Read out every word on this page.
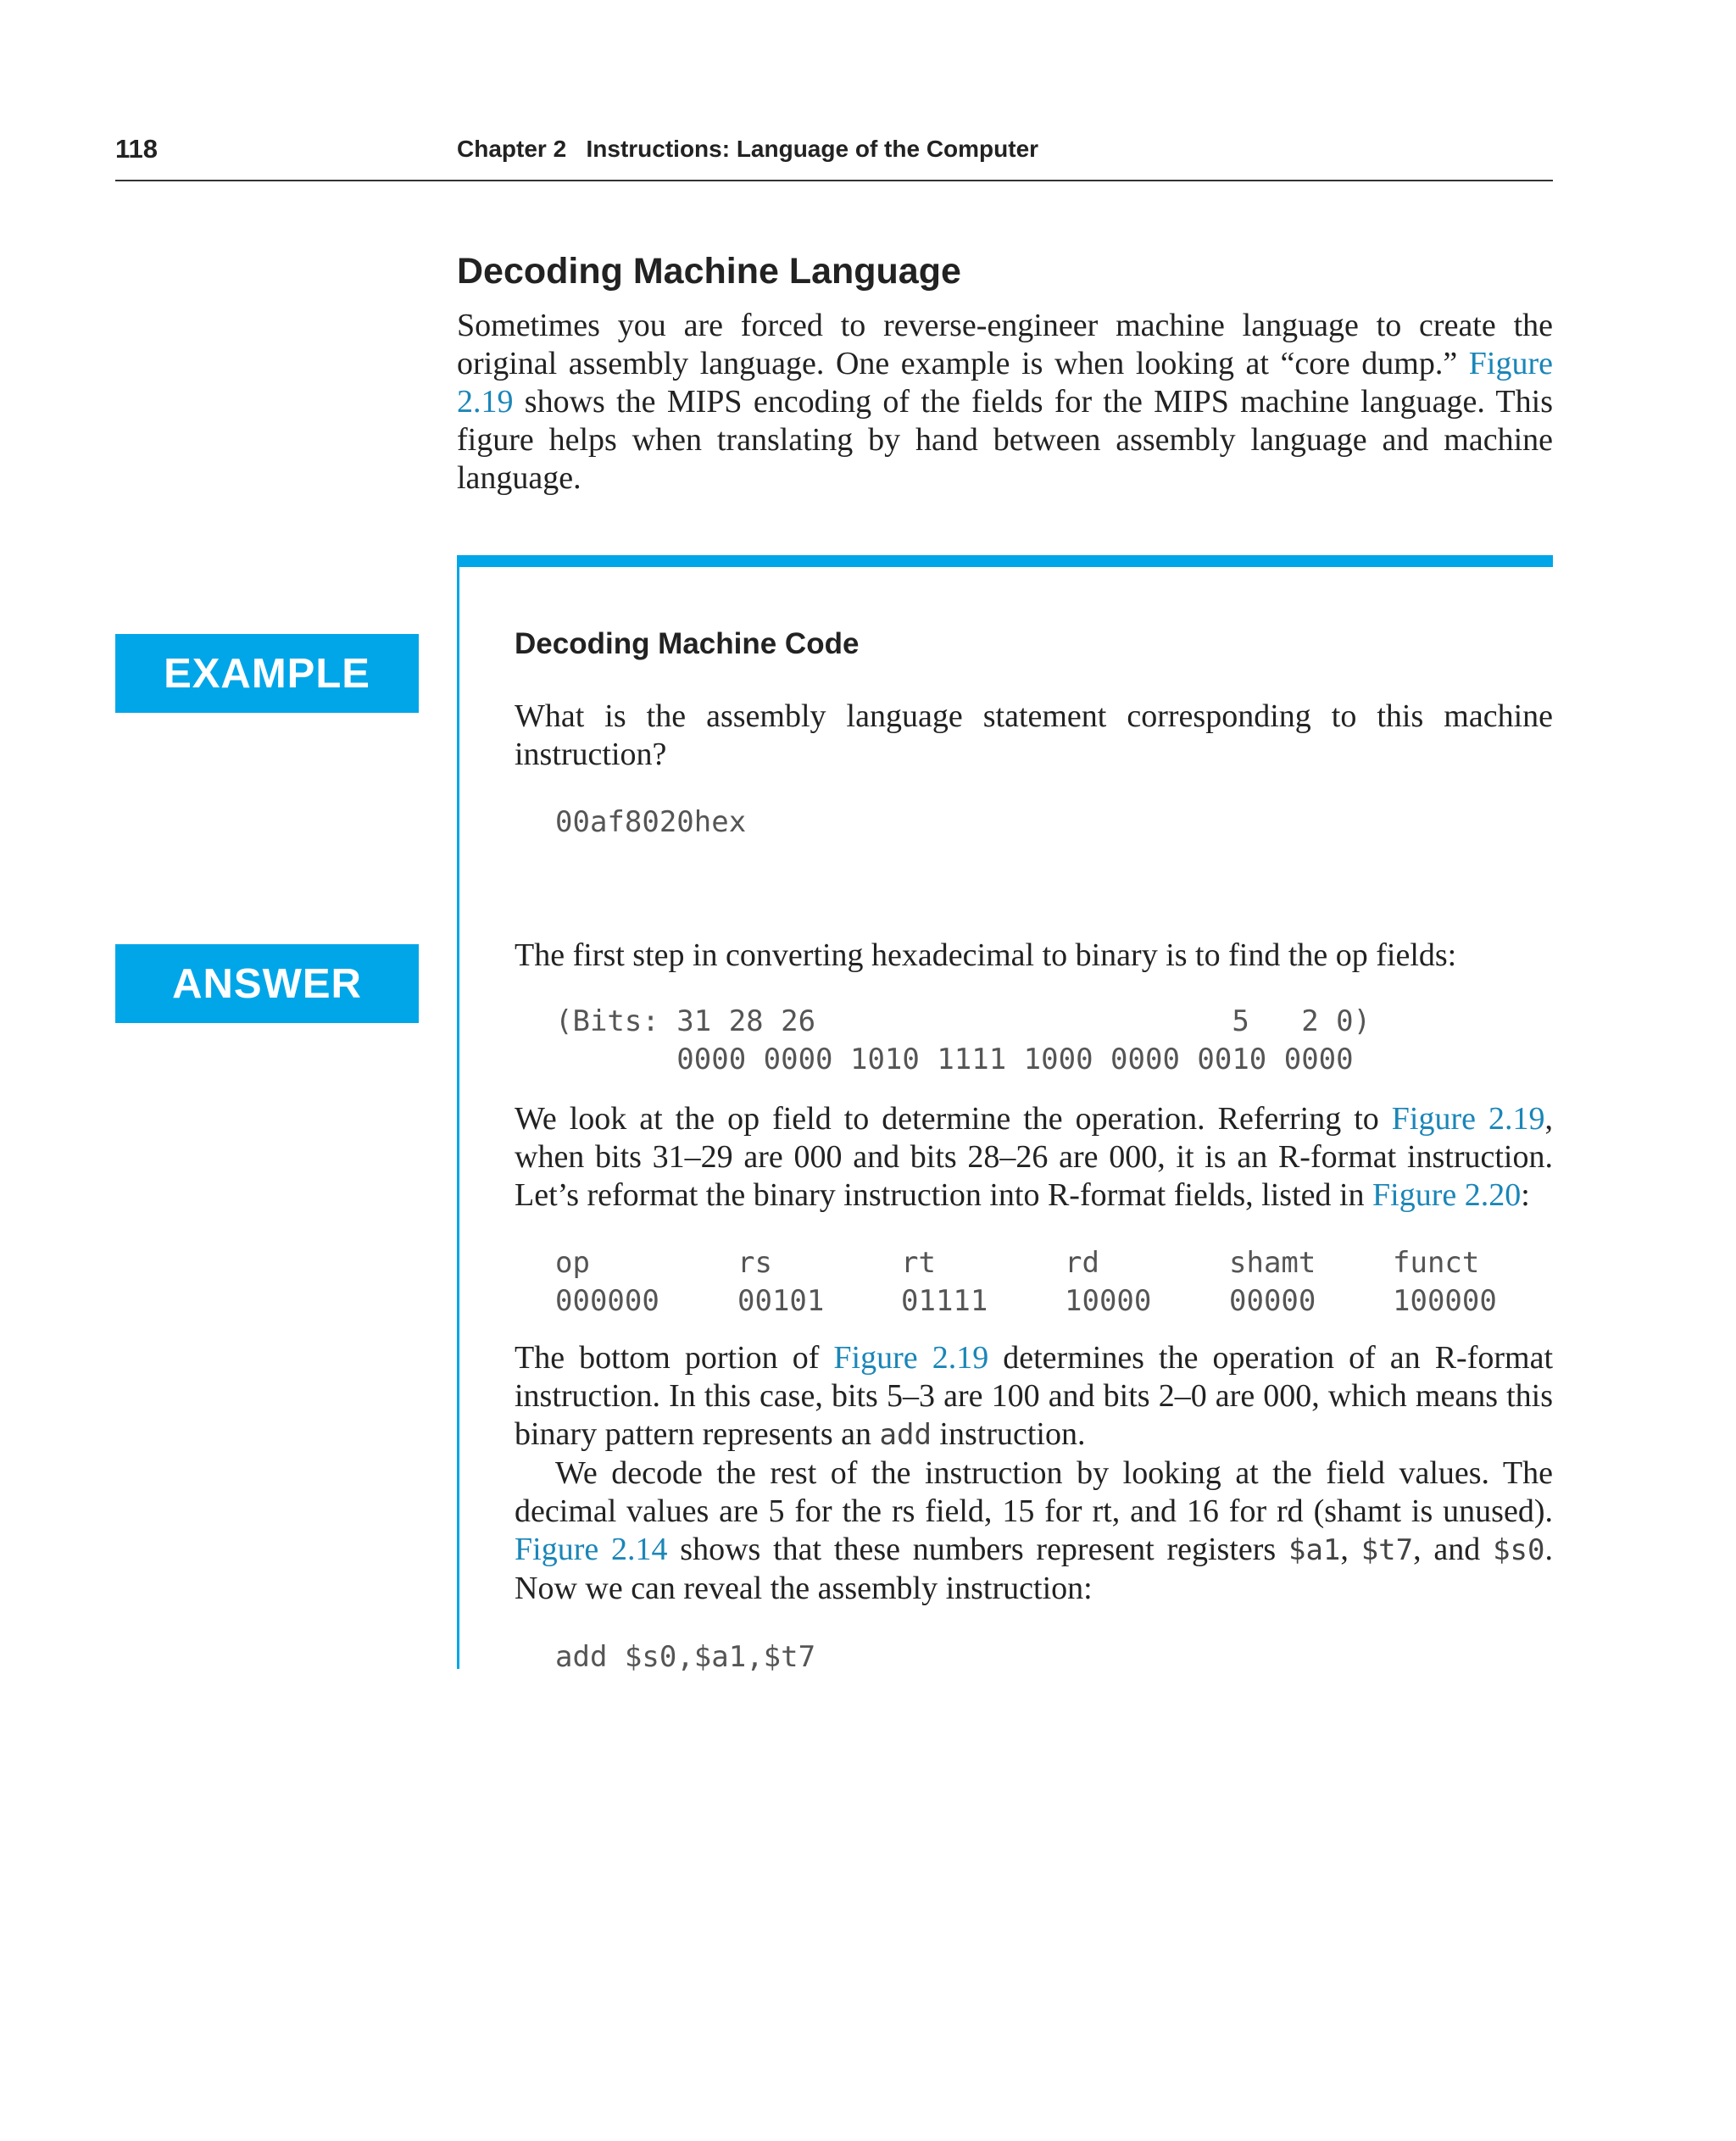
118	Chapter 2   Instructions: Language of the Computer
Decoding Machine Language
Sometimes you are forced to reverse-engineer machine language to create the original assembly language. One example is when looking at “core dump.” Figure 2.19 shows the MIPS encoding of the fields for the MIPS machine language. This figure helps when translating by hand between assembly language and machine language.
EXAMPLE
ANSWER
Decoding Machine Code
What is the assembly language statement corresponding to this machine instruction?
00af8020hex
The first step in converting hexadecimal to binary is to find the op fields:
(Bits: 31 28 26                        5   2 0)
0000 0000 1010 1111 1000 0000 0010 0000
We look at the op field to determine the operation. Referring to Figure 2.19, when bits 31–29 are 000 and bits 28–26 are 000, it is an R-format instruction. Let’s reformat the binary instruction into R-format fields, listed in Figure 2.20:
op	rs	rt	rd	shamt	funct
000000	00101	01111	10000	00000	100000
The bottom portion of Figure 2.19 determines the operation of an R-format instruction. In this case, bits 5–3 are 100 and bits 2–0 are 000, which means this binary pattern represents an add instruction.
We decode the rest of the instruction by looking at the field values. The decimal values are 5 for the rs field, 15 for rt, and 16 for rd (shamt is unused). Figure 2.14 shows that these numbers represent registers $a1, $t7, and $s0. Now we can reveal the assembly instruction:
add $s0,$a1,$t7
